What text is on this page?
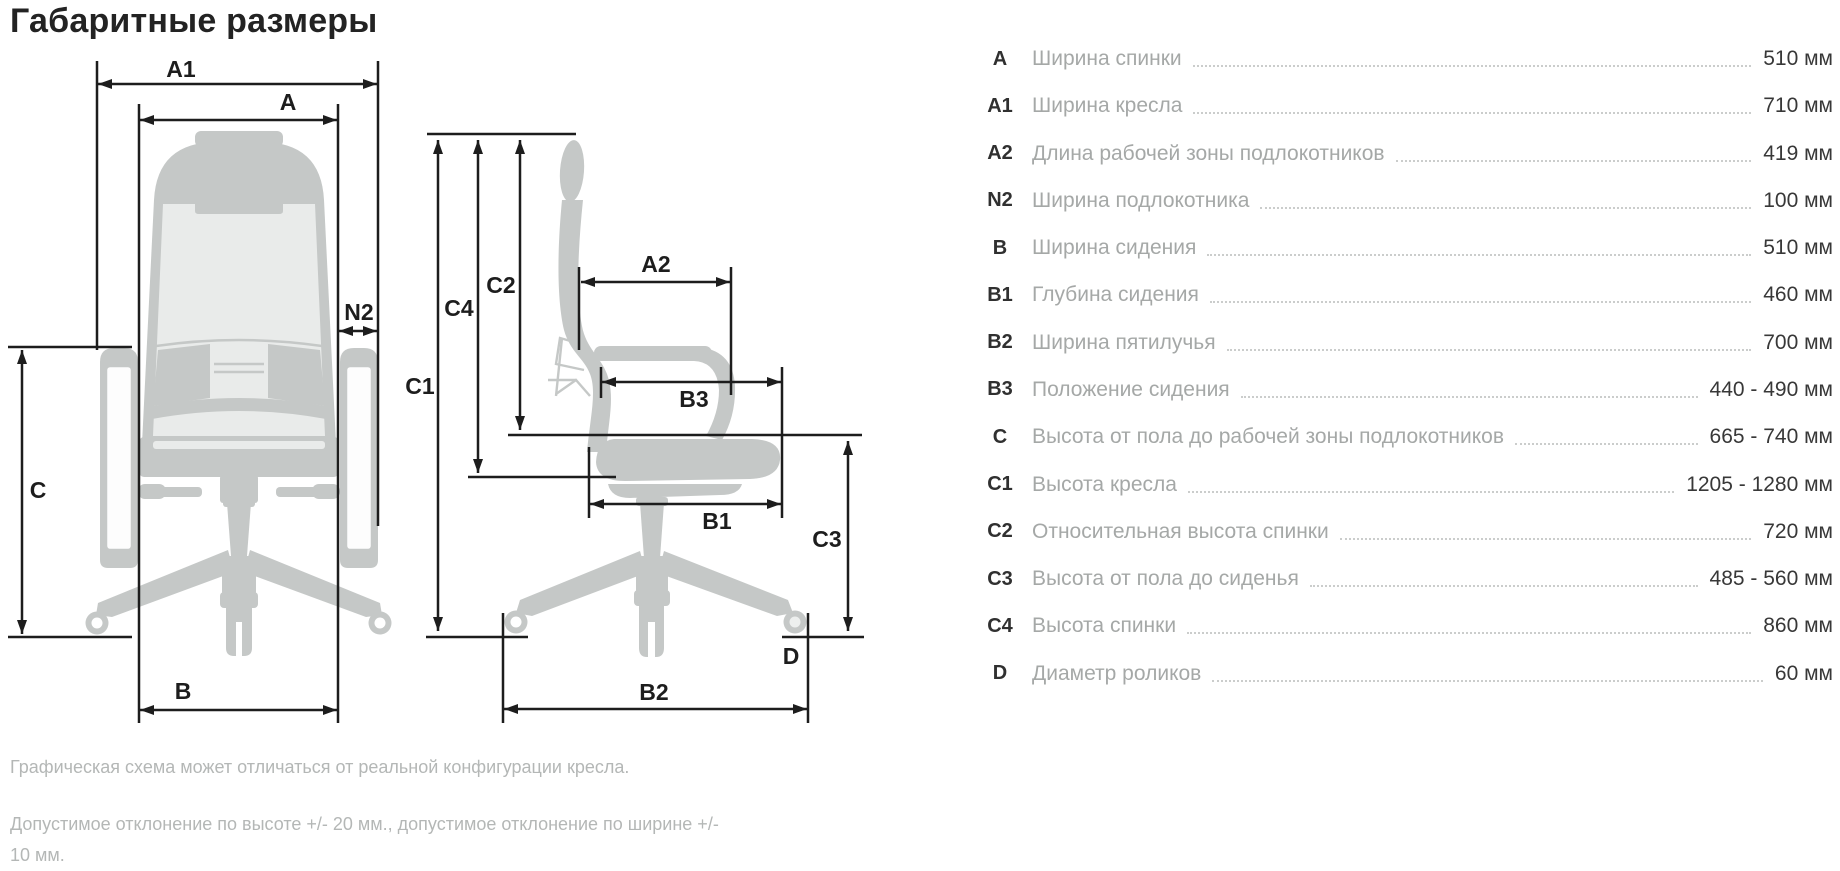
Габаритные размеры
A1
A
N2
C
B
C1
C4
C2
A2
B3
B1
C3
D
B2
A	Ширина спинки	510 мм
A1 Ширина кресла	710 мм
A2 Длина рабочей зоны подлокотников	419 мм
N2 Ширина подлокотника	100 мм
B	Ширина сидения	510 мм
B1 Глубина сидения	460 мм
B2 Ширина пятилучья	700 мм
B3 Положение сидения	440 - 490 мм
C	Высота от пола до рабочей зоны подлокотников	665 - 740 мм
C1 Высота кресла	1205 - 1280 мм
C2 Относительная высота спинки	720 мм
C3 Высота от пола до сиденья	485 - 560 мм
C4 Высота спинки	860 мм
D	Диаметр роликов	60 мм
Графическая схема может отличаться от реальной конфигурации кресла.
Допустимое отклонение по высоте +/- 20 мм., допустимое отклонение по ширине +/- 10 мм.
